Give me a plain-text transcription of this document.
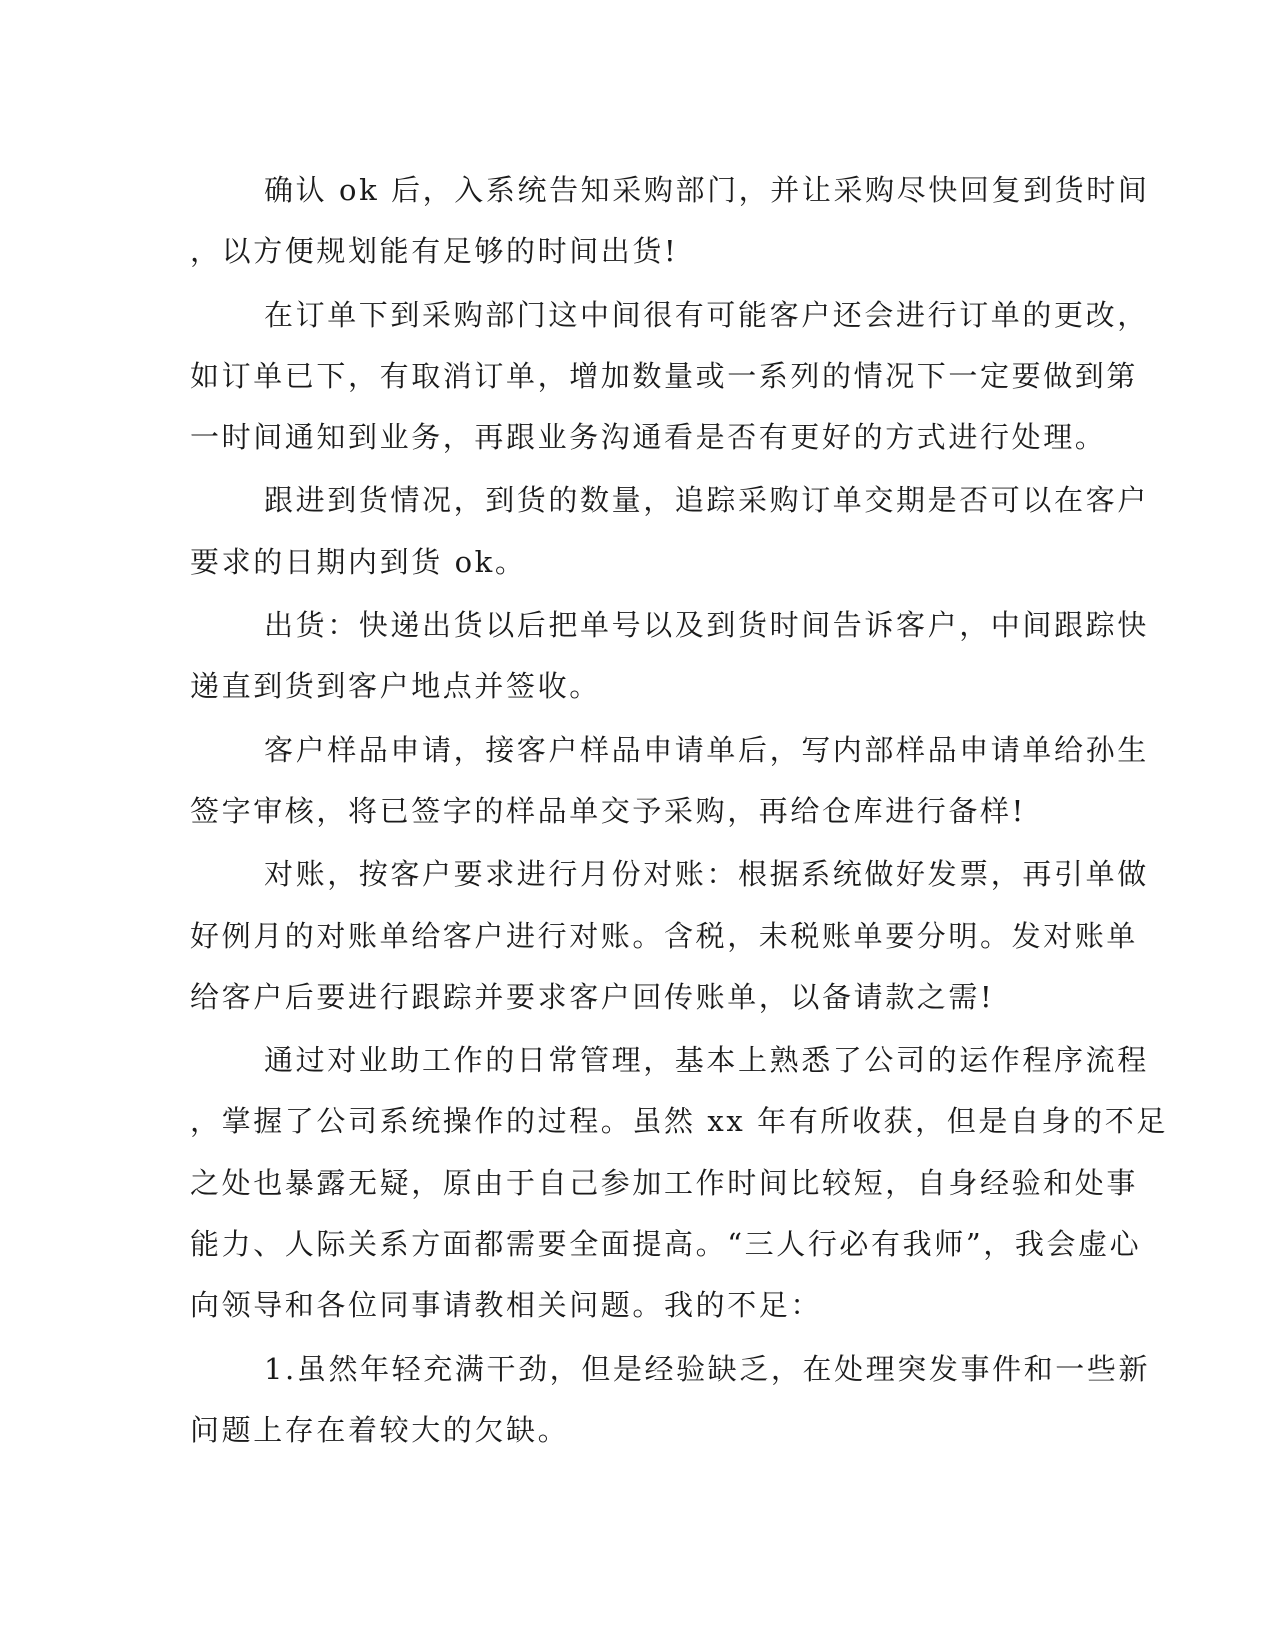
确认 ok 后，入系统告知采购部门，并让采购尽快回复到货时间
，以方便规划能有足够的时间出货!

在订单下到采购部门这中间很有可能客户还会进行订单的更改，
如订单已下，有取消订单，增加数量或一系列的情况下一定要做到第
一时间通知到业务，再跟业务沟通看是否有更好的方式进行处理。

跟进到货情况，到货的数量，追踪采购订单交期是否可以在客户
要求的日期内到货 ok。

出货：快递出货以后把单号以及到货时间告诉客户，中间跟踪快
递直到货到客户地点并签收。

客户样品申请，接客户样品申请单后，写内部样品申请单给孙生
签字审核，将已签字的样品单交予采购，再给仓库进行备样!

对账，按客户要求进行月份对账：根据系统做好发票，再引单做
好例月的对账单给客户进行对账。含税，未税账单要分明。发对账单
给客户后要进行跟踪并要求客户回传账单，以备请款之需!

通过对业助工作的日常管理，基本上熟悉了公司的运作程序流程
，掌握了公司系统操作的过程。虽然 xx 年有所收获，但是自身的不足
之处也暴露无疑，原由于自己参加工作时间比较短，自身经验和处事
能力、人际关系方面都需要全面提高。“三人行必有我师”，我会虚心
向领导和各位同事请教相关问题。我的不足：

1.虽然年轻充满干劲，但是经验缺乏，在处理突发事件和一些新
问题上存在着较大的欠缺。
